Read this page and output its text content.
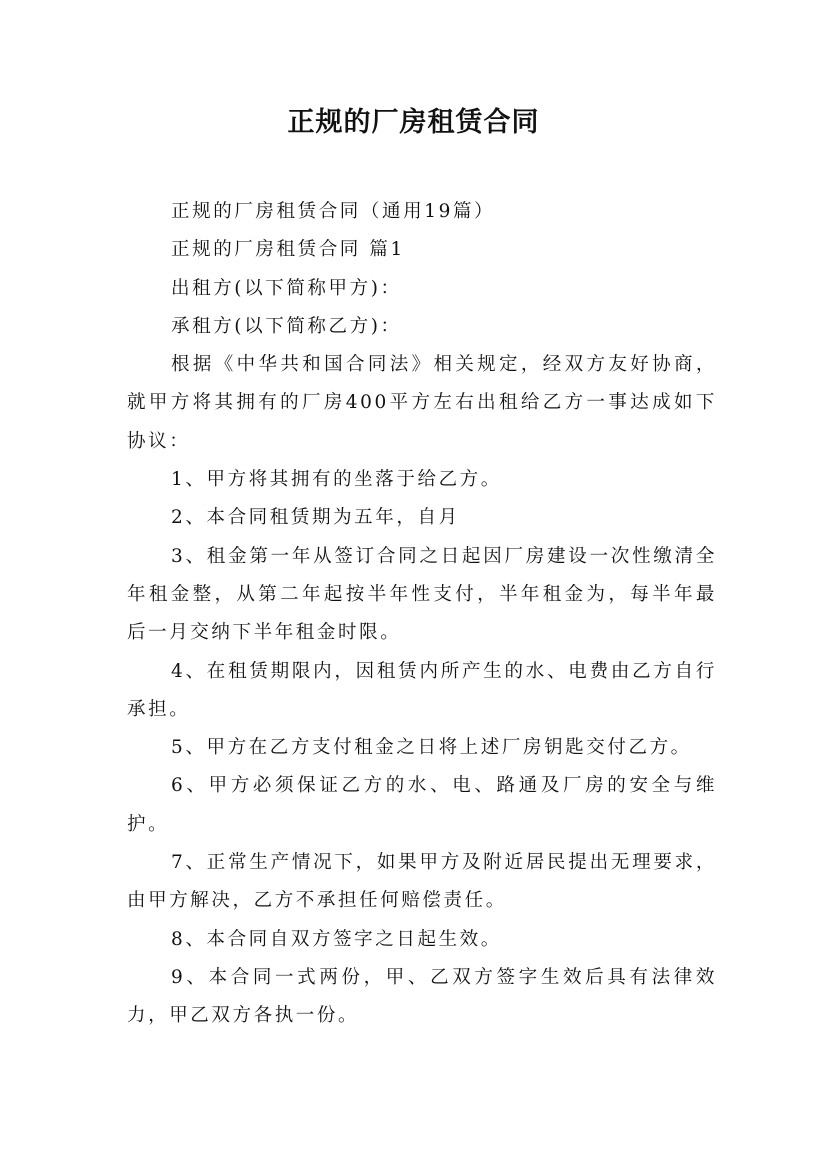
正规的厂房租赁合同

正规的厂房租赁合同（通用19篇）

正规的厂房租赁合同 篇1

出租方(以下简称甲方)：

承租方(以下简称乙方)：

根据《中华共和国合同法》相关规定，经双方友好协商，就甲方将其拥有的厂房400平方左右出租给乙方一事达成如下协议：

1、甲方将其拥有的坐落于给乙方。

2、本合同租赁期为五年，自月

3、租金第一年从签订合同之日起因厂房建设一次性缴清全年租金整，从第二年起按半年性支付，半年租金为，每半年最后一月交纳下半年租金时限。

4、在租赁期限内，因租赁内所产生的水、电费由乙方自行承担。

5、甲方在乙方支付租金之日将上述厂房钥匙交付乙方。

6、甲方必须保证乙方的水、电、路通及厂房的安全与维护。

7、正常生产情况下，如果甲方及附近居民提出无理要求，由甲方解决，乙方不承担任何赔偿责任。

8、本合同自双方签字之日起生效。

9、本合同一式两份，甲、乙双方签字生效后具有法律效力，甲乙双方各执一份。
